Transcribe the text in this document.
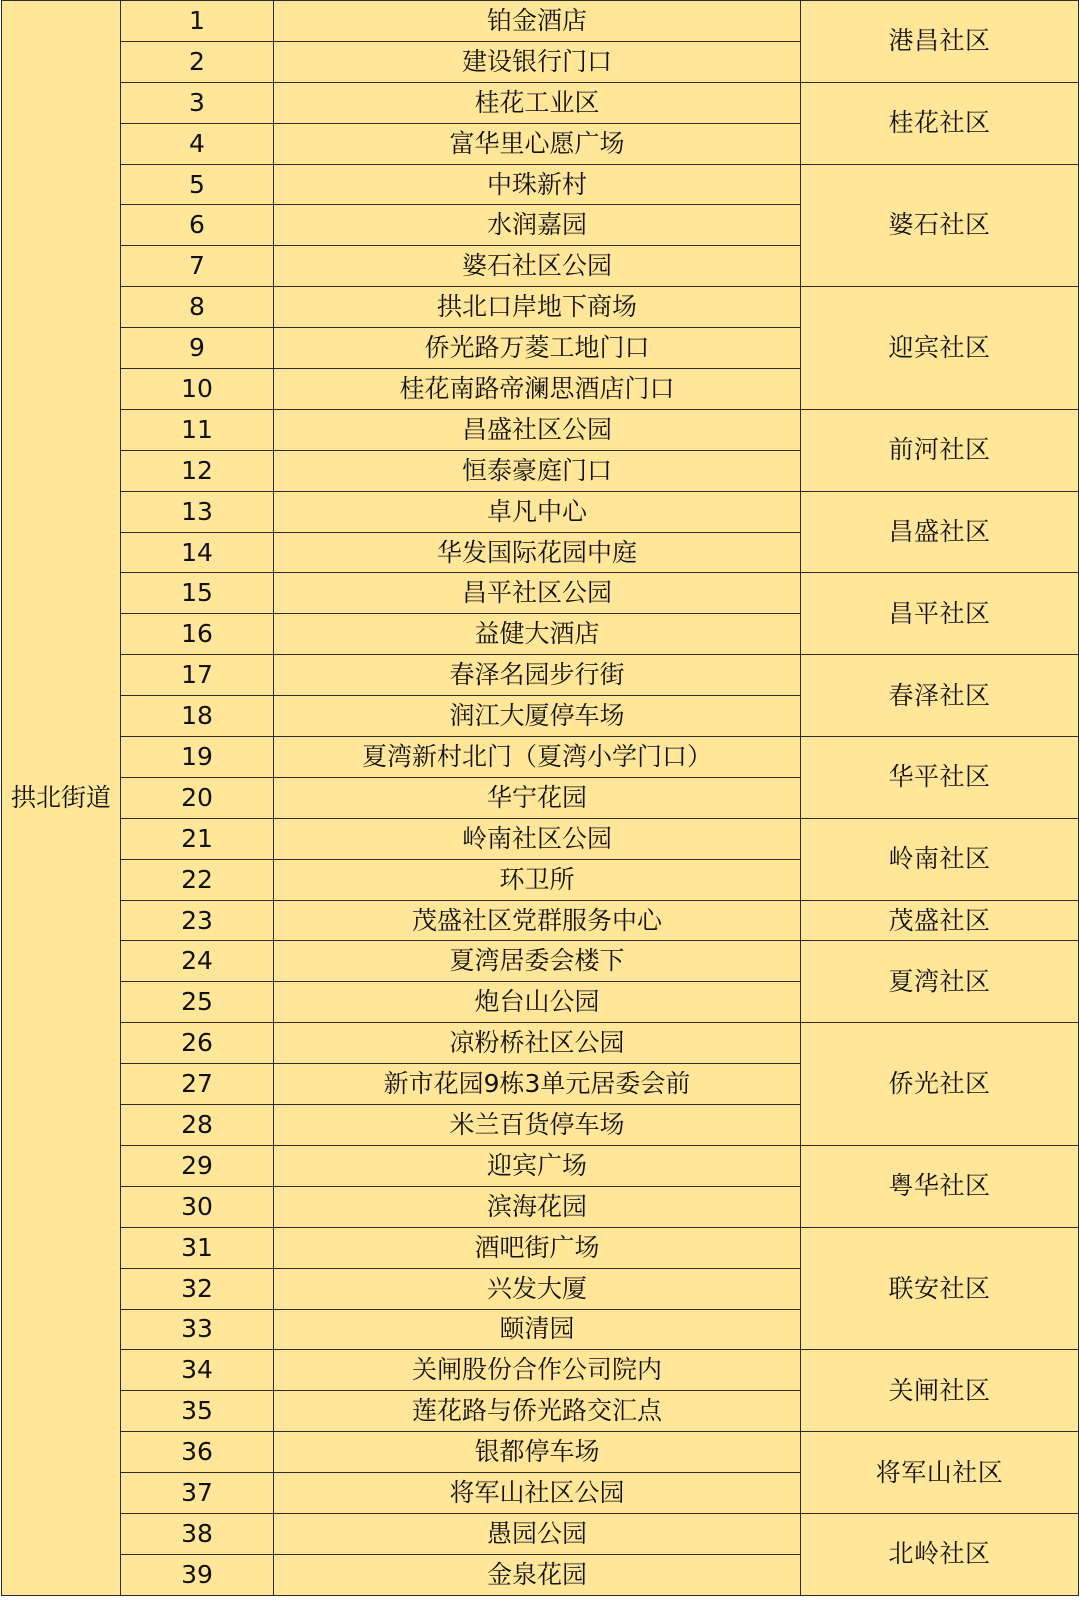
拱北街道	1	铂金酒店	港昌社区
	2	建设银行门口	
	3	桂花工业区	桂花社区
	4	富华里心愿广场	
	5	中珠新村	婆石社区
	6	水润嘉园	
	7	婆石社区公园	
	8	拱北口岸地下商场	迎宾社区
	9	侨光路万菱工地门口	
	10	桂花南路帝澜思酒店门口	
	11	昌盛社区公园	前河社区
	12	恒泰豪庭门口	
	13	卓凡中心	昌盛社区
	14	华发国际花园中庭	
	15	昌平社区公园	昌平社区
	16	益健大酒店	
	17	春泽名园步行街	春泽社区
	18	润江大厦停车场	
	19	夏湾新村北门（夏湾小学门口）	华平社区
	20	华宁花园	
	21	岭南社区公园	岭南社区
	22	环卫所	
	23	茂盛社区党群服务中心	茂盛社区
	24	夏湾居委会楼下	夏湾社区
	25	炮台山公园	
	26	凉粉桥社区公园	侨光社区
	27	新市花园9栋3单元居委会前	
	28	米兰百货停车场	
	29	迎宾广场	粤华社区
	30	滨海花园	
	31	酒吧街广场	联安社区
	32	兴发大厦	
	33	颐清园	
	34	关闸股份合作公司院内	关闸社区
	35	莲花路与侨光路交汇点	
	36	银都停车场	将军山社区
	37	将军山社区公园	
	38	愚园公园	北岭社区
	39	金泉花园	
